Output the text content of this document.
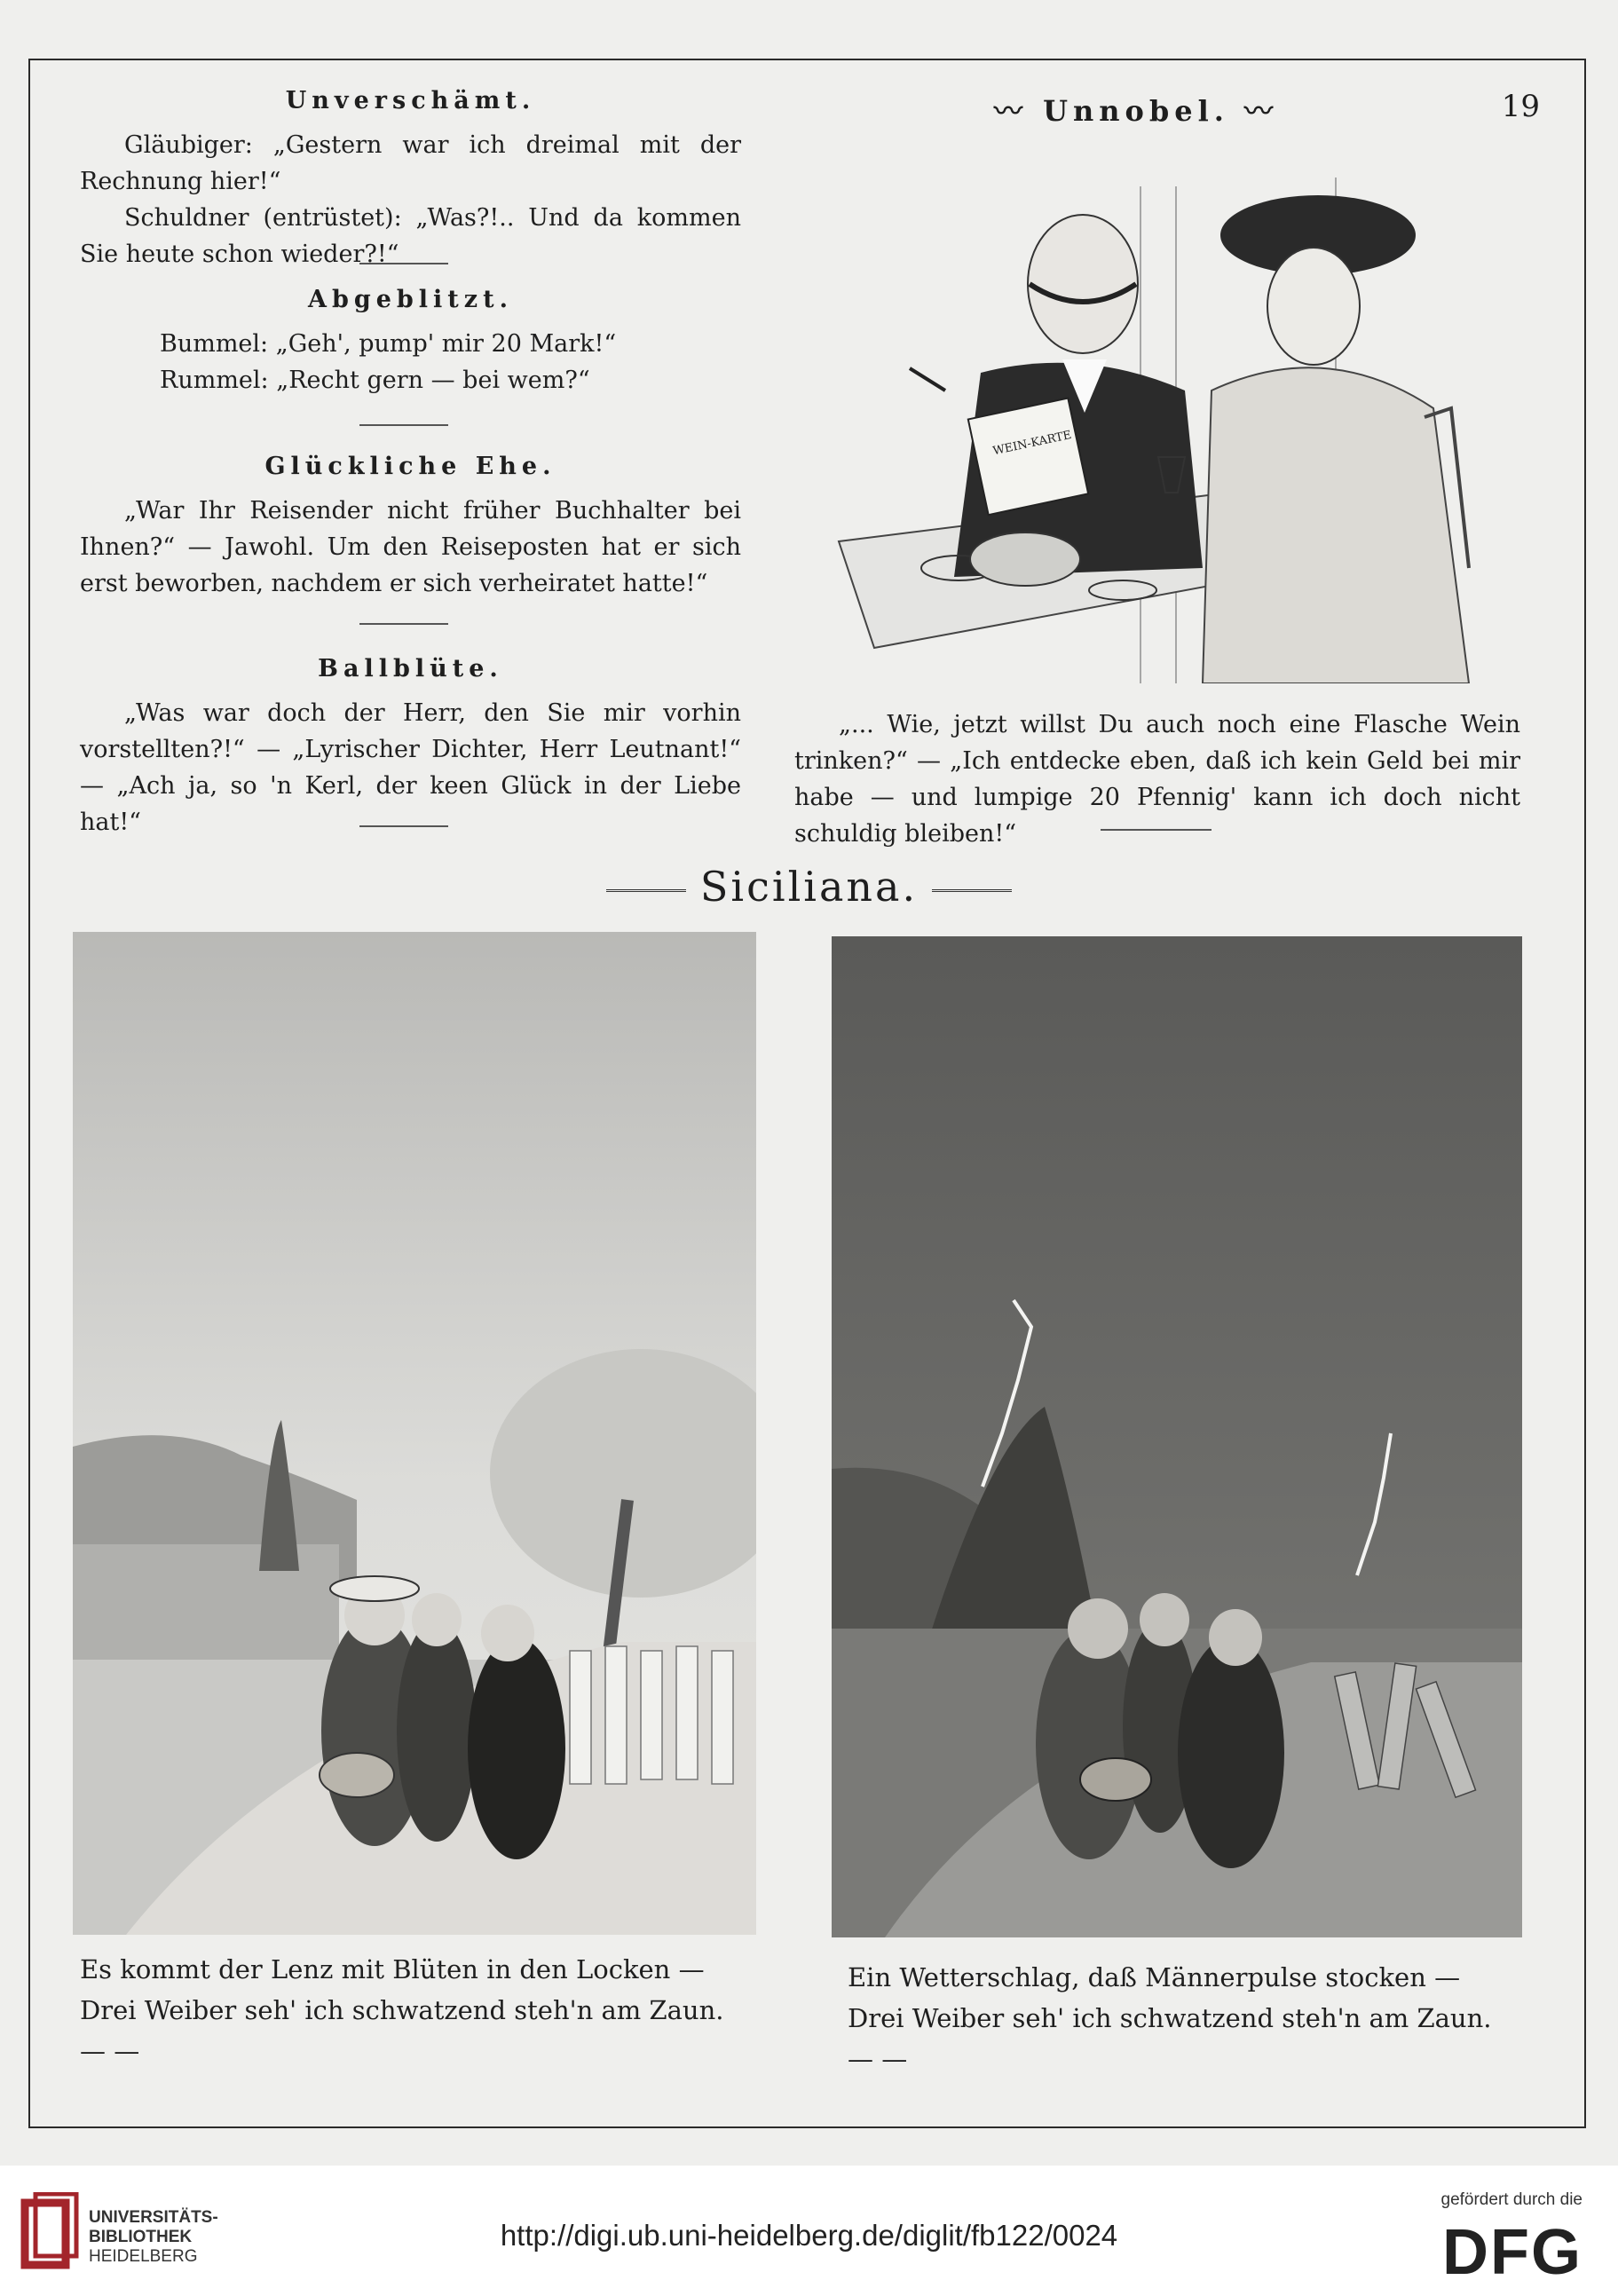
Unverschämt.

Gläubiger: „Gestern war ich dreimal mit der Rechnung hier!“

Schuldner (entrüstet): „Was?!.. Und da kommen Sie heute schon wieder?!“

Abgeblitzt.

Bummel: „Geh', pump' mir 20 Mark!“

Rummel: „Recht gern — bei wem?“

Glückliche Ehe.

„War Ihr Reisender nicht früher Buchhalter bei Ihnen?“ — Jawohl. Um den Reiseposten hat er sich erst beworben, nachdem er sich verheiratet hatte!“

Ballblüte.

„Was war doch der Herr, den Sie mir vorhin vorstellten?!“ — „Lyrischer Dichter, Herr Leutnant!“ — „Ach ja, so 'n Kerl, der keen Glück in der Liebe hat!“

〰 Unnobel. 〰	19
WEIN-KARTE

„... Wie, jetzt willst Du auch noch eine Flasche Wein trinken?“ — „Ich entdecke eben, daß ich kein Geld bei mir habe — und lumpige 20 Pfennig' kann ich doch nicht schuldig bleiben!“

Siciliana.
Es kommt der Lenz mit Blüten in den Locken —
Drei Weiber seh' ich schwatzend steh'n am Zaun. — —
Ein Wetterschlag, daß Männerpulse stocken —
Drei Weiber seh' ich schwatzend steh'n am Zaun. — —
UNIVERSITÄTS-
BIBLIOTHEK
HEIDELBERG
http://digi.ub.uni-heidelberg.de/diglit/fb122/0024
gefördert durch die
DFG
